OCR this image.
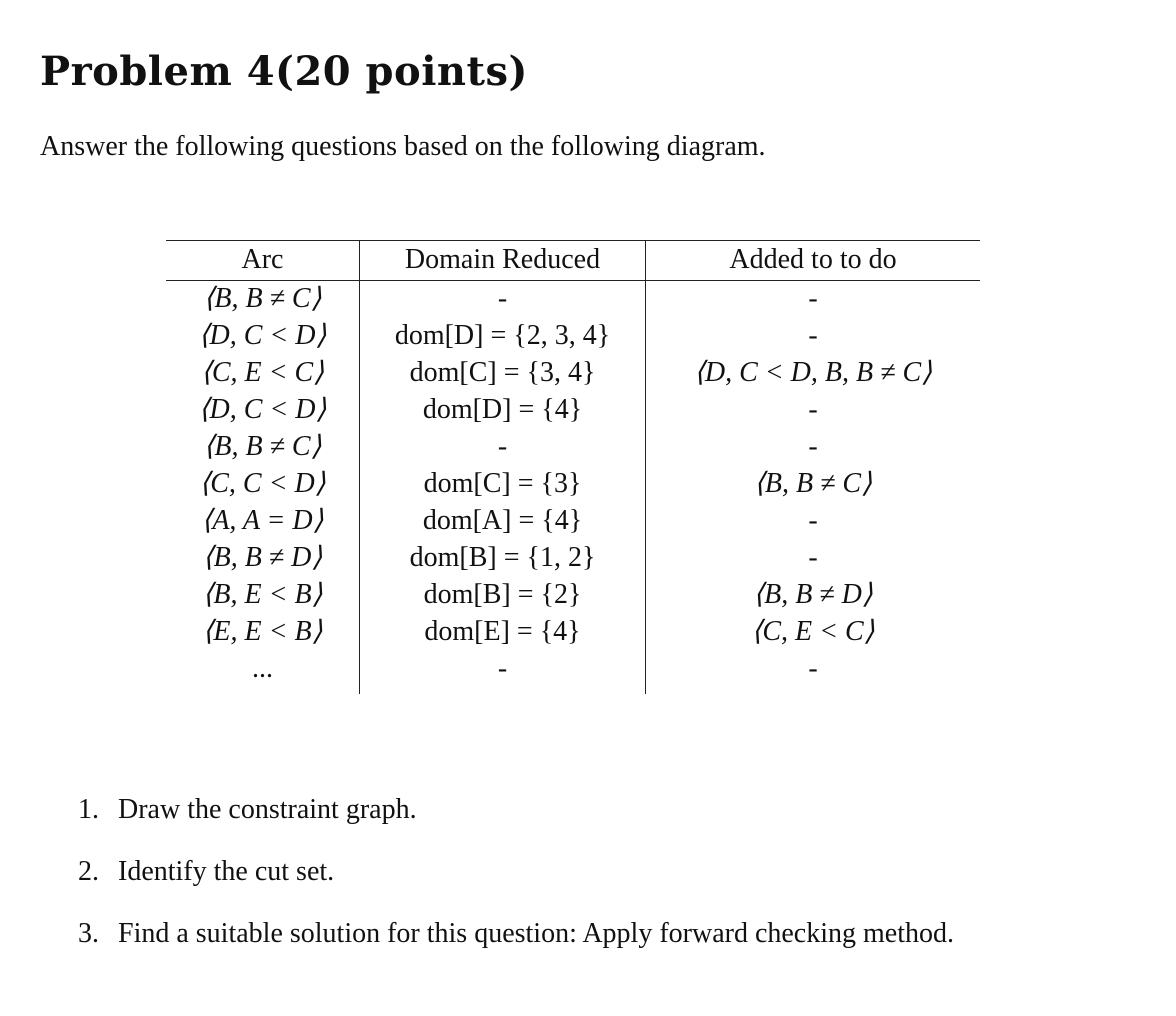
Problem 4(20 points)
Answer the following questions based on the following diagram.
Arc	Domain Reduced	Added to to do
⟨B, B ≠ C⟩
⟨D, C < D⟩
⟨C, E < C⟩
⟨D, C < D⟩
⟨B, B ≠ C⟩
⟨C, C < D⟩
⟨A, A = D⟩
⟨B, B ≠ D⟩
⟨B, E < B⟩
⟨E, E < B⟩
...
-
dom[D] = {2, 3, 4}
dom[C] = {3, 4}
dom[D] = {4}
-
dom[C] = {3}
dom[A] = {4}
dom[B] = {1, 2}
dom[B] = {2}
dom[E] = {4}
-
-
-
⟨D, C < D, B, B ≠ C⟩
-
-
⟨B, B ≠ C⟩
-
-
⟨B, B ≠ D⟩
⟨C, E < C⟩
-
1. Draw the constraint graph.
2. Identify the cut set.
3. Find a suitable solution for this question: Apply forward checking method.
